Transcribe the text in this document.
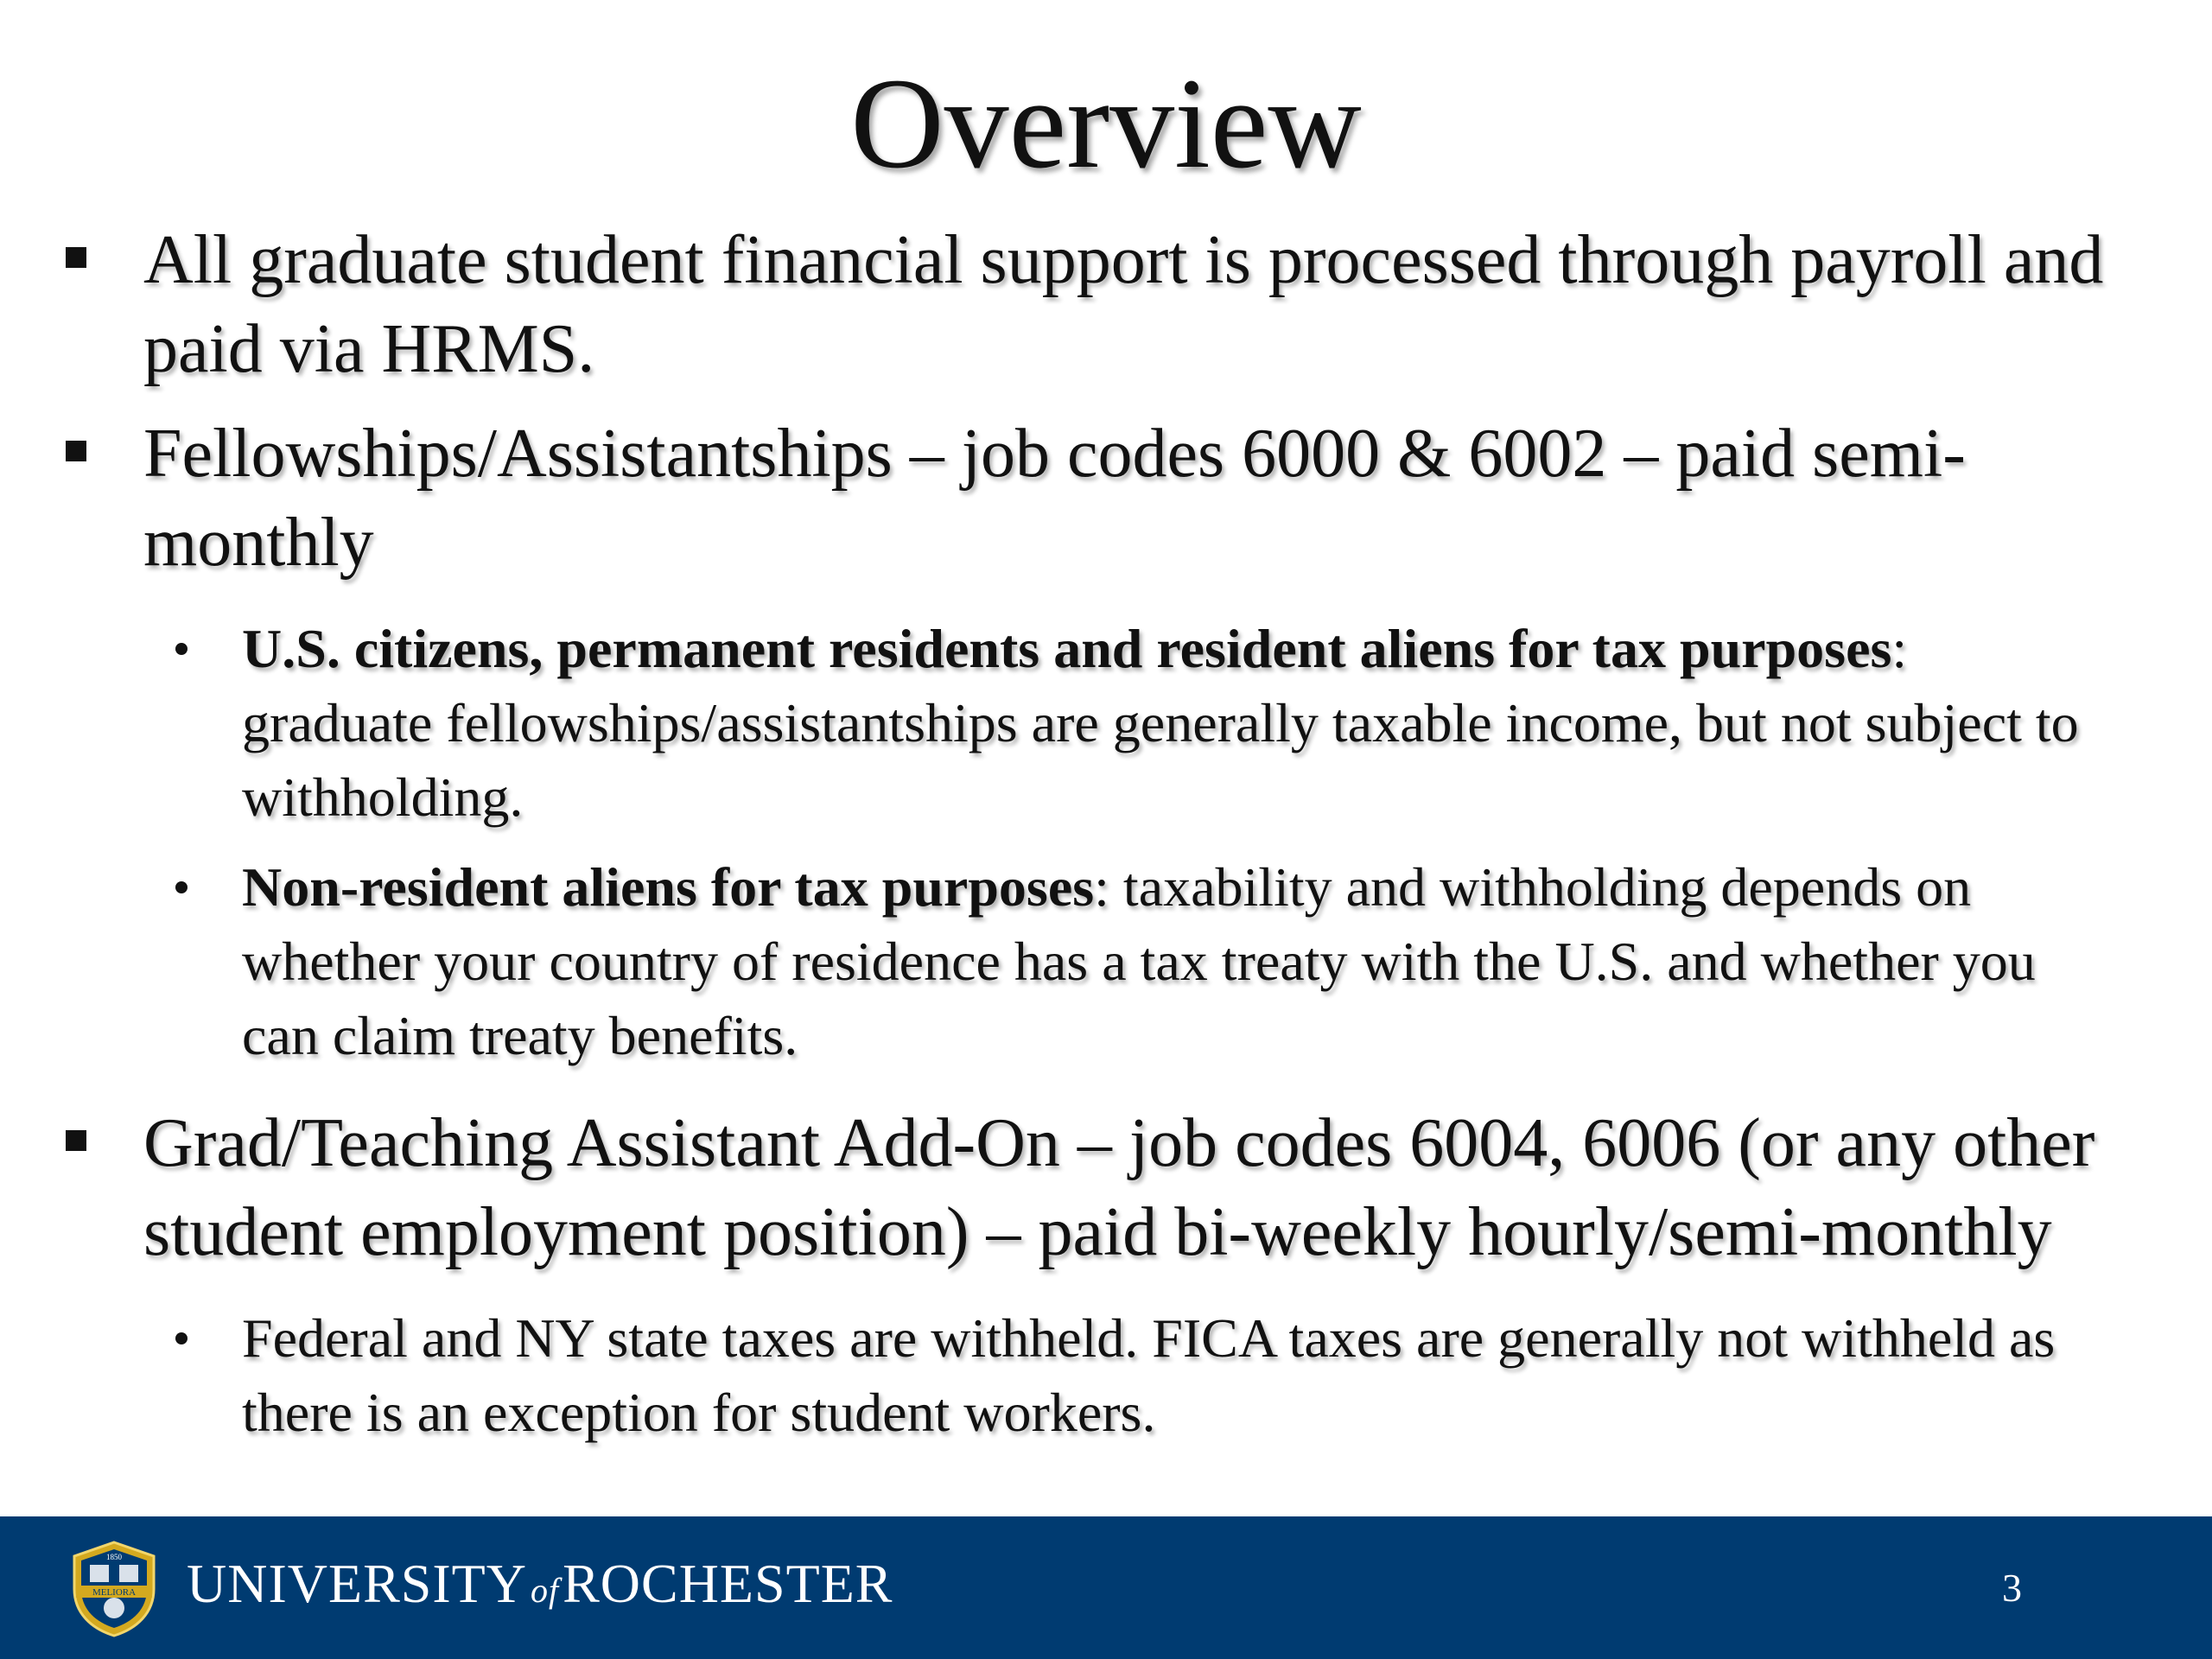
Overview
All graduate student financial support is processed through payroll and paid via HRMS.
Fellowships/Assistantships – job codes 6000 & 6002 – paid semi-monthly
U.S. citizens, permanent residents and resident aliens for tax purposes: graduate fellowships/assistantships are generally taxable income, but not subject to withholding.
Non-resident aliens for tax purposes: taxability and withholding depends on whether your country of residence has a tax treaty with the U.S. and whether you can claim treaty benefits.
Grad/Teaching Assistant Add-On – job codes 6004, 6006 (or any other student employment position) – paid bi-weekly hourly/semi-monthly
Federal and NY state taxes are withheld. FICA taxes are generally not withheld as there is an exception for student workers.
MELIORA
1850 UNIVERSITY ofROCHESTER	3
